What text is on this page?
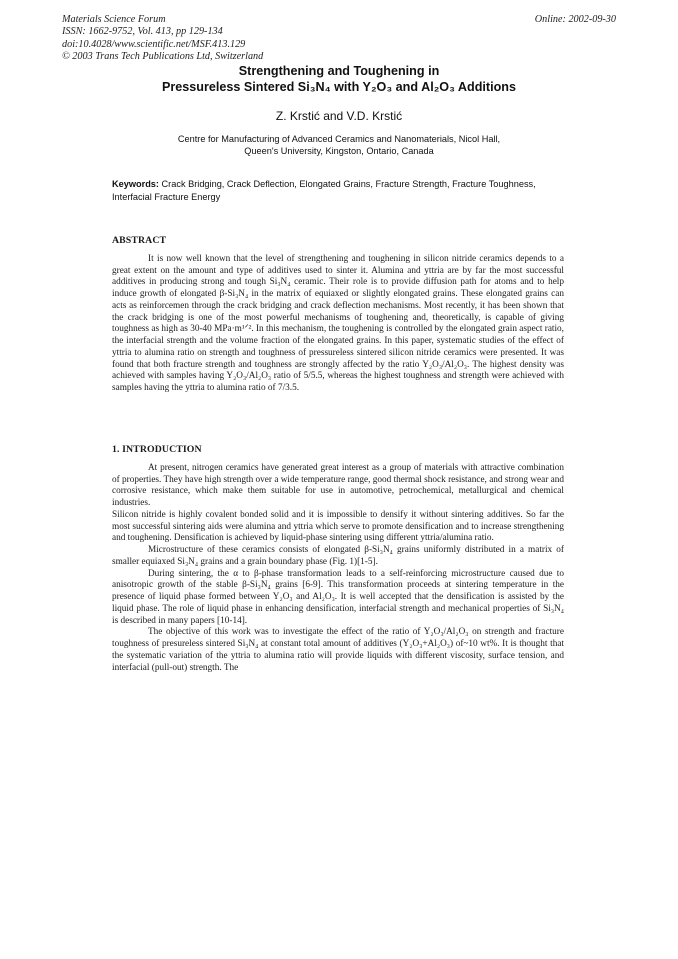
Materials Science Forum
ISSN: 1662-9752, Vol. 413, pp 129-134
doi:10.4028/www.scientific.net/MSF.413.129
© 2003 Trans Tech Publications Ltd, Switzerland
Online: 2002-09-30
Strengthening and Toughening in
Pressureless Sintered Si₃N₄ with Y₂O₃ and Al₂O₃ Additions
Z. Krstić and V.D. Krstić
Centre for Manufacturing of Advanced Ceramics and Nanomaterials, Nicol Hall,
Queen's University, Kingston, Ontario, Canada
Keywords: Crack Bridging, Crack Deflection, Elongated Grains, Fracture Strength, Fracture Toughness, Interfacial Fracture Energy
ABSTRACT

It is now well known that the level of strengthening and toughening in silicon nitride ceramics depends to a great extent on the amount and type of additives used to sinter it. Alumina and yttria are by far the most successful additives in producing strong and tough Si₃N₄ ceramic. Their role is to provide diffusion path for atoms and to help induce growth of elongated β-Si₃N₄ in the matrix of equiaxed or slightly elongated grains. These elongated grains can acts as reinforcemen through the crack bridging and crack deflection mechanisms. Most recently, it has been shown that the crack bridging is one of the most powerful mechanisms of toughening and, theoretically, is capable of giving toughness as high as 30-40 MPa·m¹ᐟ². In this mechanism, the toughening is controlled by the elongated grain aspect ratio, the interfacial strength and the volume fraction of the elongated grains. In this paper, systematic studies of the effect of yttria to alumina ratio on strength and toughness of pressureless sintered silicon nitride ceramics were presented. It was found that both fracture strength and toughness are strongly affected by the ratio Y₂O₃/Al₂O₃. The highest density was achieved with samples having Y₂O₃/Al₂O₃ ratio of 5/5.5, whereas the highest toughness and strength were achieved with samples having the yttria to alumina ratio of 7/3.5.

1. INTRODUCTION

At present, nitrogen ceramics have generated great interest as a group of materials with attractive combination of properties. They have high strength over a wide temperature range, good thermal shock resistance, and strong wear and corrosive resistance, which make them suitable for use in automotive, petrochemical, metallurgical and chemical industries.

Silicon nitride is highly covalent bonded solid and it is impossible to densify it without sintering additives. So far the most successful sintering aids were alumina and yttria which serve to promote densification and to increase strengthening and toughening. Densification is achieved by liquid-phase sintering using different yttria/alumina ratio.

Microstructure of these ceramics consists of elongated β-Si₃N₄ grains uniformly distributed in a matrix of smaller equiaxed Si₃N₄ grains and a grain boundary phase (Fig. 1)[1-5].

During sintering, the α to β-phase transformation leads to a self-reinforcing microstructure caused due to anisotropic growth of the stable β-Si₃N₄ grains [6-9]. This transformation proceeds at sintering temperature in the presence of liquid phase formed between Y₂O₃ and Al₂O₃. It is well accepted that the densification is assisted by the liquid phase. The role of liquid phase in enhancing densification, interfacial strength and mechanical properties of Si₃N₄ is described in many papers [10-14].

The objective of this work was to investigate the effect of the ratio of Y₂O₃/Al₂O₃ on strength and fracture toughness of presureless sintered Si₃N₄ at constant total amount of additives (Y₂O₃+Al₂O₃) of~10 wt%. It is thought that the systematic variation of the yttria to alumina ratio will provide liquids with different viscosity, surface tension, and interfacial (pull-out) strength. The
